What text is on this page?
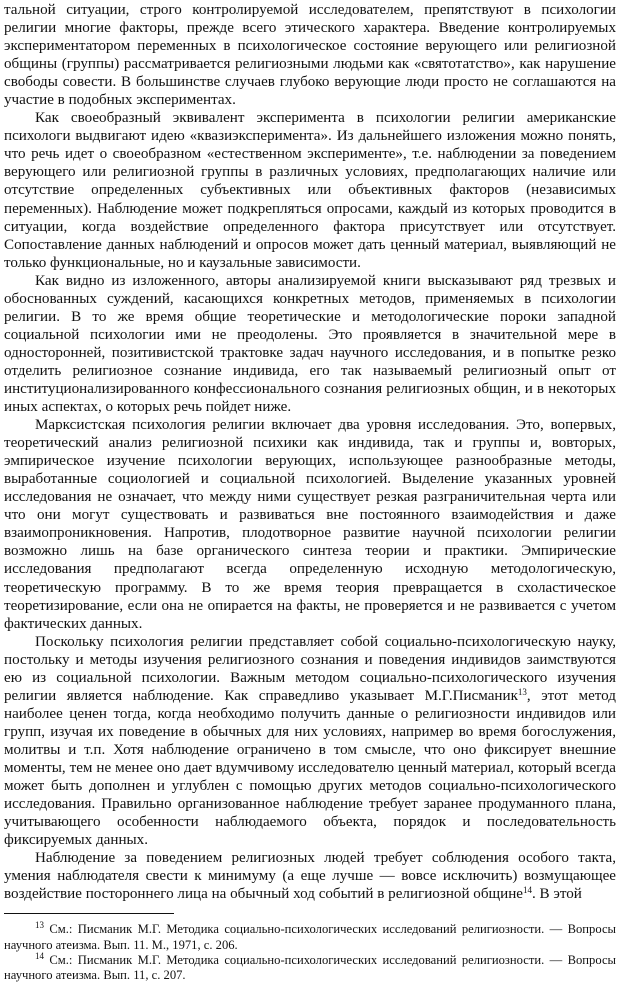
тальной ситуации, строго контролируемой исследователем, препятствуют в психологии религии многие факторы, прежде всего этического характера. Введение контролируемых экспериментатором переменных в психологическое состояние верующего или религиозной общины (группы) рассматривается религиозными людьми как «святотатство», как нарушение свободы совести. В большинстве случаев глубоко верующие люди просто не соглашаются на участие в подобных экспериментах.

Как своеобразный эквивалент эксперимента в психологии религии американские психологи выдвигают идею «квазиэксперимента». Из дальнейшего изложения можно понять, что речь идет о своеобразном «естественном эксперименте», т.е. наблюдении за поведением верующего или религиозной группы в различных условиях, предполагающих наличие или отсутствие определенных субъективных или объективных факторов (независимых переменных). Наблюдение может подкрепляться опросами, каждый из которых проводится в ситуации, когда воздействие определенного фактора присутствует или отсутствует. Сопоставление данных наблюдений и опросов может дать ценный материал, выявляющий не только функциональные, но и каузальные зависимости.

Как видно из изложенного, авторы анализируемой книги высказывают ряд трезвых и обоснованных суждений, касающихся конкретных методов, применяемых в психологии религии. В то же время общие теоретические и методологические пороки западной социальной психологии ими не преодолены. Это проявляется в значительной мере в односторонней, позитивистской трактовке задач научного исследования, и в попытке резко отделить религиозное сознание индивида, его так называемый религиозный опыт от институционализированного конфессионального сознания религиозных общин, и в некоторых иных аспектах, о которых речь пойдет ниже.

Марксистская психология религии включает два уровня исследования. Это, вопервых, теоретический анализ религиозной психики как индивида, так и группы и, вовторых, эмпирическое изучение психологии верующих, использующее разнообразные методы, выработанные социологией и социальной психологией. Выделение указанных уровней исследования не означает, что между ними существует резкая разграничительная черта или что они могут существовать и развиваться вне постоянного взаимодействия и даже взаимопроникновения. Напротив, плодотворное развитие научной психологии религии возможно лишь на базе органического синтеза теории и практики. Эмпирические исследования предполагают всегда определенную исходную методологическую, теоретическую программу. В то же время теория превращается в схоластическое теоретизирование, если она не опирается на факты, не проверяется и не развивается с учетом фактических данных.

Поскольку психология религии представляет собой социально-психологическую науку, постольку и методы изучения религиозного сознания и поведения индивидов заимствуются ею из социальной психологии. Важным методом социально-психологического изучения религии является наблюдение. Как справедливо указывает М.Г.Писманик$^{13}$, этот метод наиболее ценен тогда, когда необходимо получить данные о религиозности индивидов или групп, изучая их поведение в обычных для них условиях, например во время богослужения, молитвы и т.п. Хотя наблюдение ограничено в том смысле, что оно фиксирует внешние моменты, тем не менее оно дает вдумчивому исследователю ценный материал, который всегда может быть дополнен и углублен с помощью других методов социально-психологического исследования. Правильно организованное наблюдение требует заранее продуманного плана, учитывающего особенности наблюдаемого объекта, порядок и последовательность фиксируемых данных.

Наблюдение за поведением религиозных людей требует соблюдения особого такта, умения наблюдателя свести к минимуму (а еще лучше — вовсе исключить) возмущающее воздействие постороннего лица на обычный ход событий в религиозной общине$^{14}$. В этой

$^{13}$ См.: Писманик М.Г. Методика социально-психологических исследований религиозности. — Вопросы научного атеизма. Вып. 11. М., 1971, с. 206.

$^{14}$ См.: Писманик М.Г. Методика социально-психологических исследований религиозности. — Вопросы научного атеизма. Вып. 11, с. 207.
